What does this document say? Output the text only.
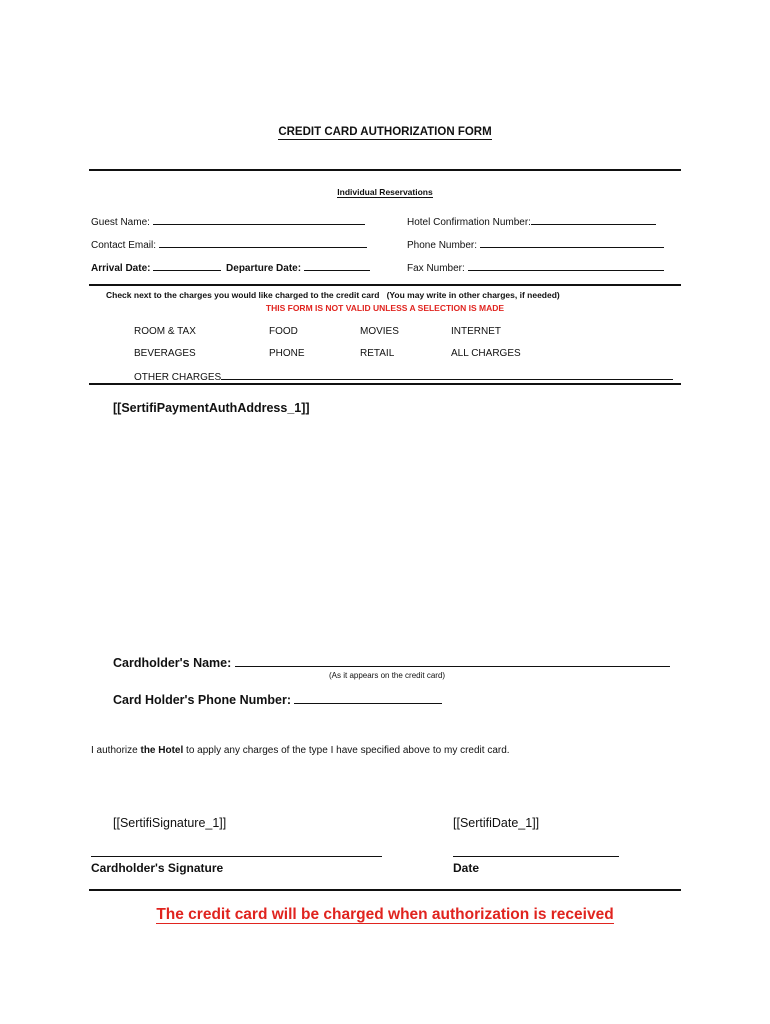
CREDIT CARD AUTHORIZATION FORM
Individual Reservations
Guest Name:	Hotel Confirmation Number:
Contact Email:	Phone Number:
Arrival Date:	Departure Date:	Fax Number:
Check next to the charges you would like charged to the credit card   (You may write in other charges, if needed)
THIS FORM IS NOT VALID UNLESS A SELECTION IS MADE
ROOM & TAX	FOOD	MOVIES	INTERNET
BEVERAGES	PHONE	RETAIL	ALL CHARGES
OTHER CHARGES
[[SertifiPaymentAuthAddress_1]]
Cardholder's Name:
(As it appears on the credit card)
Card Holder's Phone Number:
I authorize the Hotel to apply any charges of the type I have specified above to my credit card.
[[SertifiSignature_1]]	[[SertifiDate_1]]
Cardholder's Signature	Date
The credit card will be charged when authorization is received
